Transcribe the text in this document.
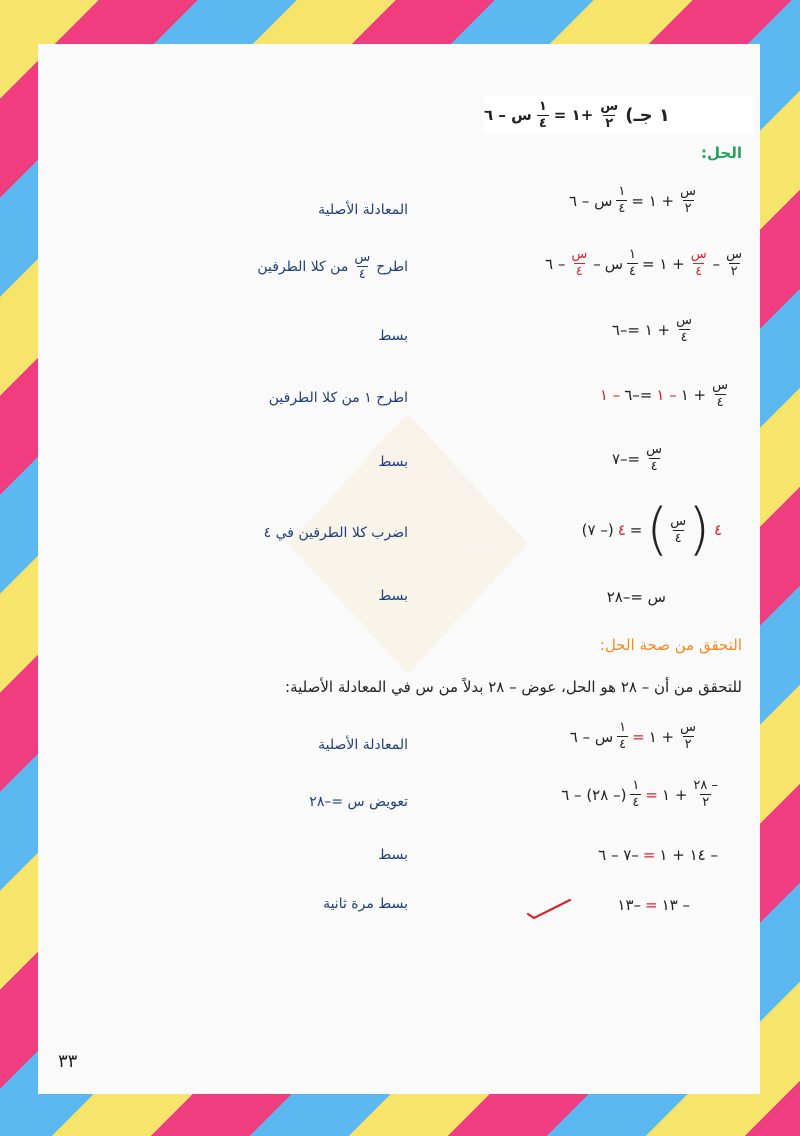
١ جـ)
$\frac{\text{س}}{٢}$
+١ =
$\frac{١}{٤}$
س – ٦
الحل:
$\frac{\text{س}}{٢}$
+ ١ =
$\frac{١}{٤}$
س – ٦
المعادلة الأصلية
$\frac{\text{س}}{٢}$
–
$\frac{\text{س}}{٤}$
+ ١ =
$\frac{١}{٤}$
س
–
$\frac{\text{س}}{٤}$
– ٦
اطرح
$\frac{\text{س}}{٤}$
من كلا الطرفين
$\frac{\text{س}}{٤}$
+ ١ =–٦
بسط
$\frac{\text{س}}{٤}$
+ ١
– ١
=–٦
– ١
اطرح ١ من كلا الطرفين
$\frac{\text{س}}{٤}$
=–٧
بسط
٤
(
$\frac{\text{س}}{٤}$
)
=
٤
(– ٧)
اضرب كلا الطرفين في ٤
س =–٢٨
بسط
التحقق من صحة الحل:
للتحقق من أن – ٢٨ هو الحل، عوض – ٢٨ بدلاً من س في المعادلة الأصلية:
$\frac{\text{س}}{٢}$
+ ١
=
$\frac{١}{٤}$
س – ٦
المعادلة الأصلية
$\frac{- ٢٨}{٢}$
+ ١
=
$\frac{١}{٤}$
(– ٢٨) – ٦
تعويض س =–٢٨
– ١٤ + ١
=
–٧ – ٦
بسط
– ١٣
=
–١٣
بسط مرة ثانية
٣٣
